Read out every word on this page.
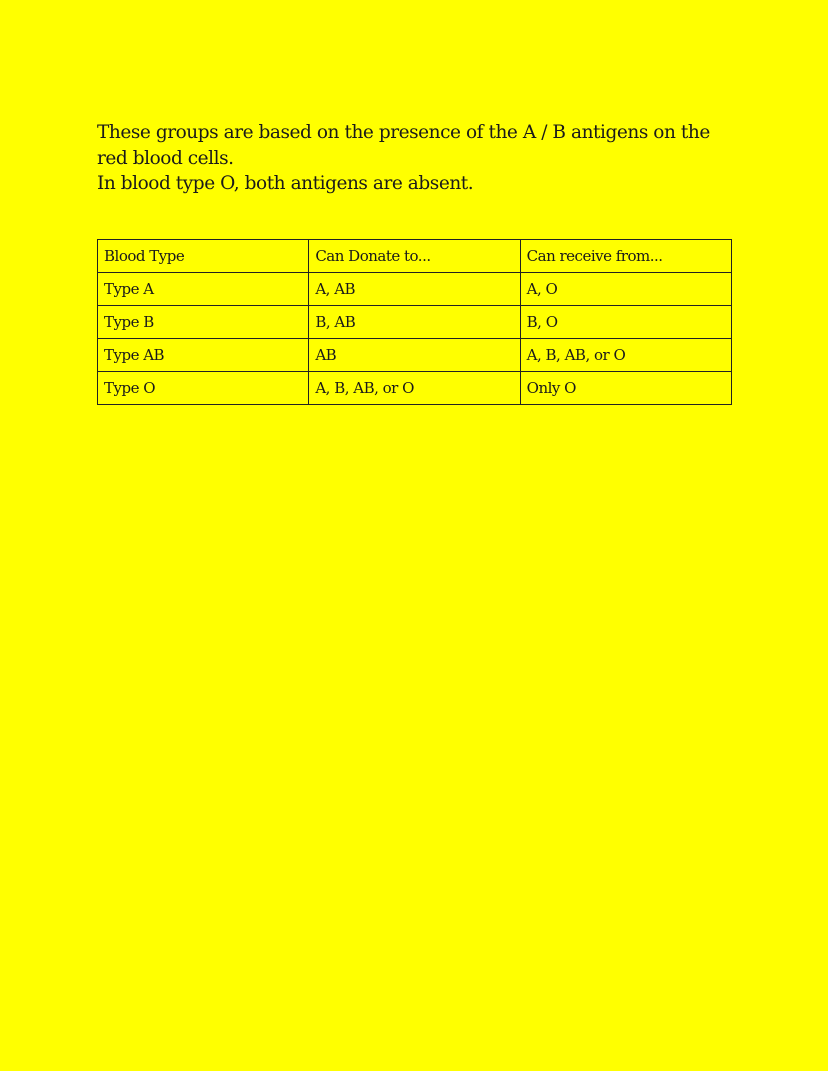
These groups are based on the presence of the A / B antigens on the red blood cells.

In blood type O, both antigens are absent.

Blood Type	Can Donate to...	Can receive from...
Type A	A, AB	A, O
Type B	B, AB	B, O
Type AB	AB	A, B, AB, or O
Type O	A, B, AB, or O	Only O
